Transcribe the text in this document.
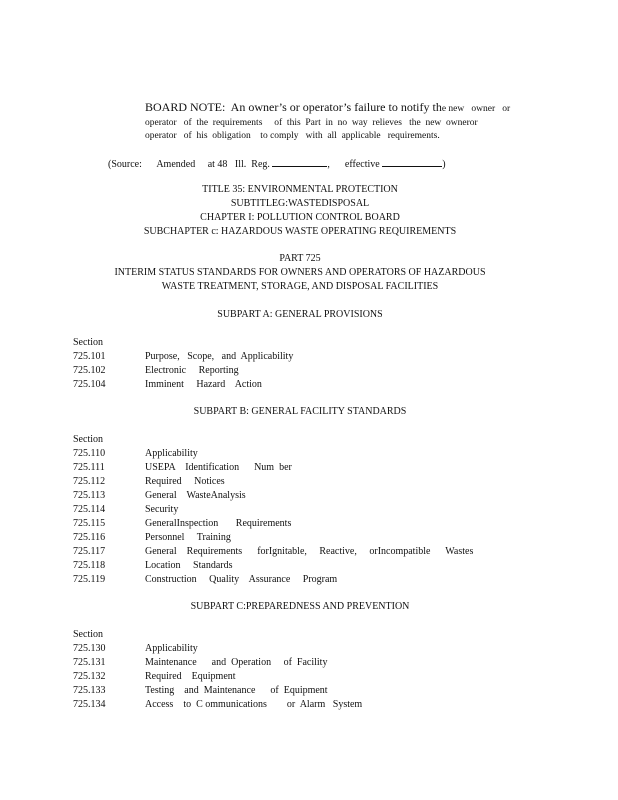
BOARD NOTE:  An owner’s or operator’s failure to notify the new   owner   or
operator   of  the  requirements     of  this  Part  in  no  way  relieves   the  new  owneror
operator   of  his  obligation    to comply   with  all  applicable   requirements.
(Source:      Amended     at 48   Ill.  Reg.	,      effective	)
TITLE 35: ENVIRONMENTAL PROTECTION
SUBTITLEG:WASTEDISPOSAL
CHAPTER I: POLLUTION CONTROL BOARD
SUBCHAPTER c: HAZARDOUS WASTE OPERATING REQUIREMENTS
PART 725
INTERIM STATUS STANDARDS FOR OWNERS AND OPERATORS OF HAZARDOUS
WASTE TREATMENT, STORAGE, AND DISPOSAL FACILITIES
SUBPART A: GENERAL PROVISIONS
Section
725.101	Purpose,   Scope,   and  Applicability
725.102	Electronic     Reporting
725.104	Imminent     Hazard    Action
SUBPART B: GENERAL FACILITY STANDARDS
Section
725.110	Applicability
725.111	USEPA    Identification      Num  ber
725.112	Required     Notices
725.113	General    WasteAnalysis
725.114	Security
725.115	GeneralInspection       Requirements
725.116	Personnel     Training
725.117	General    Requirements      forIgnitable,     Reactive,     orIncompatible      Wastes
725.118	Location     Standards
725.119	Construction     Quality    Assurance     Program
SUBPART C:PREPAREDNESS AND PREVENTION
Section
725.130	Applicability
725.131	Maintenance      and  Operation     of  Facility
725.132	Required    Equipment
725.133	Testing    and  Maintenance      of  Equipment
725.134	Access    to  C ommunications        or  Alarm   System
